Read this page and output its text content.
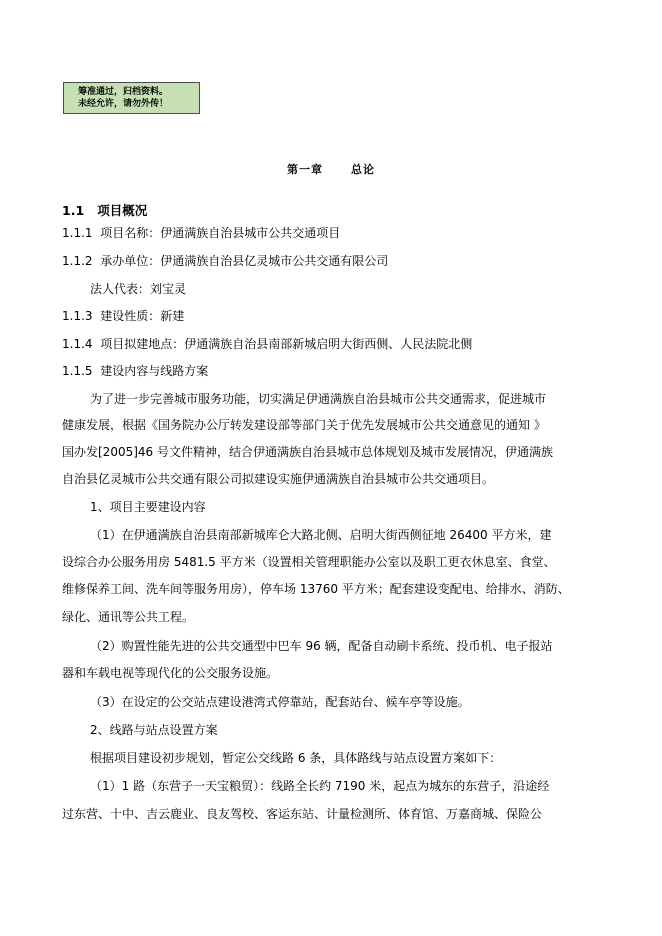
筹准通过，归档资料。
未经允许，请勿外传！
第一章	总论
1.1 项目概况
1.1.1 项目名称：伊通满族自治县城市公共交通项目
1.1.2 承办单位：伊通满族自治县亿灵城市公共交通有限公司
法人代表：刘宝灵
1.1.3 建设性质：新建
1.1.4 项目拟建地点：伊通满族自治县南部新城启明大街西侧、人民法院北侧
1.1.5 建设内容与线路方案
为了进一步完善城市服务功能，切实满足伊通满族自治县城市公共交通需求，促进城市
健康发展，根据《国务院办公厅转发建设部等部门关于优先发展城市公共交通意见的通知 》
国办发[2005]46 号文件精神，结合伊通满族自治县城市总体规划及城市发展情况，伊通满族
自治县亿灵城市公共交通有限公司拟建设实施伊通满族自治县城市公共交通项目。
1、项目主要建设内容
（1）在伊通满族自治县南部新城库仑大路北侧、启明大街西侧征地 26400 平方米，建
设综合办公服务用房 5481.5 平方米（设置相关管理职能办公室以及职工更衣休息室、食堂、
维修保养工间、洗车间等服务用房），停车场 13760 平方米；配套建设变配电、给排水、消防、
绿化、通讯等公共工程。
（2）购置性能先进的公共交通型中巴车 96 辆，配备自动刷卡系统、投币机、电子报站
器和车载电视等现代化的公交服务设施。
（3）在设定的公交站点建设港湾式停靠站，配套站台、候车亭等设施。
2、线路与站点设置方案
根据项目建设初步规划，暂定公交线路 6 条，具体路线与站点设置方案如下：
（1）1 路（东营子一天宝粮贸）：线路全长约 7190 米，起点为城东的东营子，沿途经
过东营、十中、吉云鹿业、良友驾校、客运东站、计量检测所、体育馆、万嘉商城、保险公
